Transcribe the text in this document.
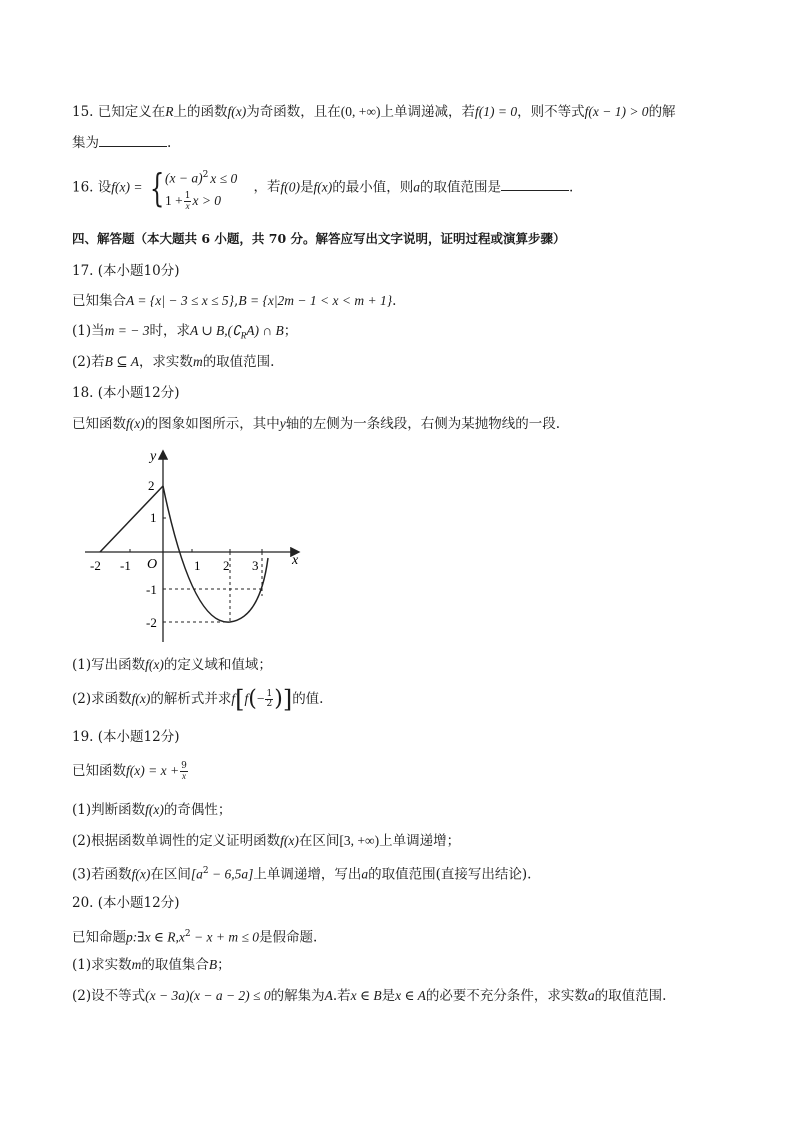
15. 已知定义在R上的函数f(x)为奇函数，且在(0, +∞)上单调递减，若f(1) = 0，则不等式f(x − 1) > 0的解
集为	.
16. 设f(x) = { $(x - a)^2$ x ≤ 0
$1 + \frac{1}{x}$ x > 0
，若f(0)是f(x)的最小值，则a的取值范围是	.
四、解答题（本大题共 6 小题，共 70 分。解答应写出文字说明，证明过程或演算步骤）
17. (本小题10分)
已知集合A = {x| − 3 ≤ x ≤ 5},B = {x|2m − 1 < x < m + 1}.
(1)当m = − 3时，求A ∪ $B,(∁_RA)$ ∩ B；
(2)若B ⊆ A，求实数m的取值范围.
18. (本小题12分)
已知函数f(x)的图象如图所示，其中y轴的左侧为一条线段，右侧为某抛物线的一段.
y
x
O
-2 -1	1 2 3
2
1
-1
-2
(1)写出函数f(x)的定义域和值域；
(2)求函数f(x)的解析式并求$f[f(- \frac{1}{2}$ )]的值.
19. (本小题12分)
已知函数$f(x) = x + \frac{9}{x}$
(1)判断函数f(x)的奇偶性；
(2)根据函数单调性的定义证明函数f(x)在区间[3, +∞)上单调递增；
(3)若函数f(x)在区间$[a^2 - 6,5a]$上单调递增，写出a的取值范围(直接写出结论).
20. (本小题12分)
已知命题p:∃x ∈ $R,x^2 - x + m \le 0$是假命题.
(1)求实数m的取值集合B；
(2)设不等式(x − 3a)(x − a − 2) ≤ 0的解集为A.若x ∈ B是x ∈ A的必要不充分条件，求实数a的取值范围.
